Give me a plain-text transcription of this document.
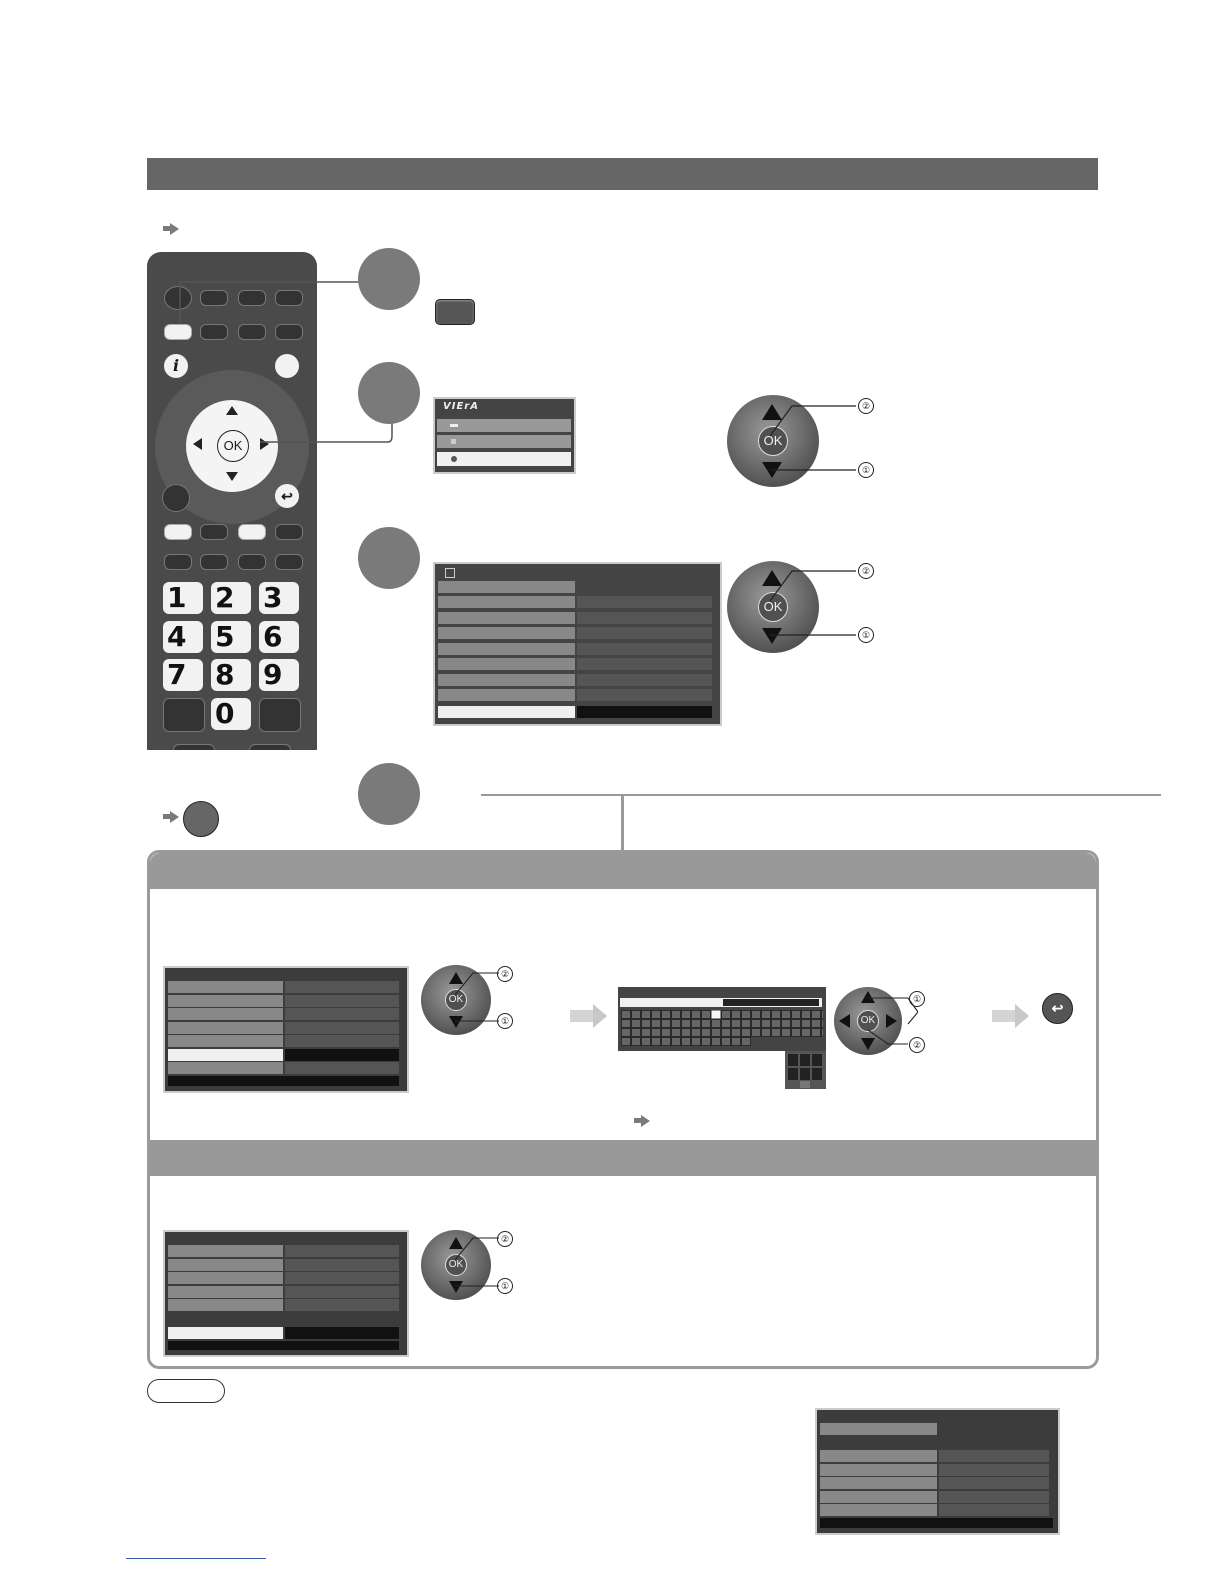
i
OK
↩
1	2	3
4	5	6
7	8	9
0
VIErA
OK
②
①
OK
②
①
OK
②
①	OK
①
②
↩
OK
②
①
